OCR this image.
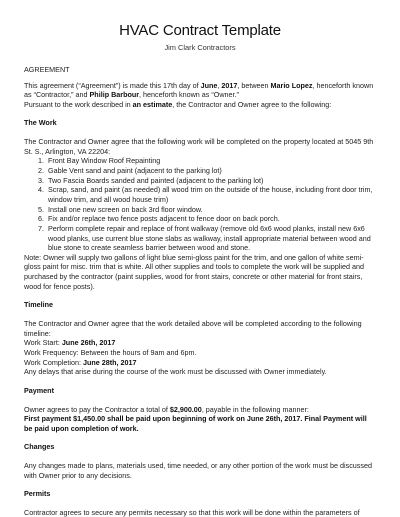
HVAC Contract Template
Jim Clark Contractors
AGREEMENT

This agreement (“Agreement”) is made this 17th day of June, 2017, between Mario Lopez, henceforth known as “Contractor,” and Philip Barbour, henceforth known as “Owner.”

Pursuant to the work described in an estimate, the Contractor and Owner agree to the following:

The Work

The Contractor and Owner agree that the following work will be completed on the property located at 5045 9th St. S., Arlington, VA 22204:

1. Front Bay Window Roof Repainting
2. Gable Vent sand and paint (adjacent to the parking lot)
3. Two Fascia Boards sanded and painted (adjacent to the parking lot)
4. Scrap, sand, and paint (as needed) all wood trim on the outside of the house, including front door trim, window trim, and all wood house trim)
5. Install one new screen on back 3rd floor window.
6. Fix and/or replace two fence posts adjacent to fence door on back porch.
7. Perform complete repair and replace of front walkway (remove old 6x6 wood planks, install new 6x6 wood planks, use current blue stone slabs as walkway, install appropriate material between wood and blue stone to create seamless barrier between wood and stone.

Note: Owner will supply two gallons of light blue semi-gloss paint for the trim, and one gallon of white semi-gloss paint for misc. trim that is white. All other supplies and tools to complete the work will be supplied and purchased by the contractor (paint supplies, wood for front stairs, concrete or other material for front stairs, wood for fence posts).

Timeline

The Contractor and Owner agree that the work detailed above will be completed according to the following timeline:

Work Start: June 26th, 2017

Work Frequency: Between the hours of 9am and 6pm.

Work Completion: June 28th, 2017

Any delays that arise during the course of the work must be discussed with Owner immediately.

Payment

Owner agrees to pay the Contractor a total of $2,900.00, payable in the following manner:

First payment $1,450.00 shall be paid upon beginning of work on June 26th, 2017. Final Payment will be paid upon completion of work.

Changes

Any changes made to plans, materials used, time needed, or any other portion of the work must be discussed with Owner prior to any decisions.

Permits

Contractor agrees to secure any permits necessary so that this work will be done within the parameters of
